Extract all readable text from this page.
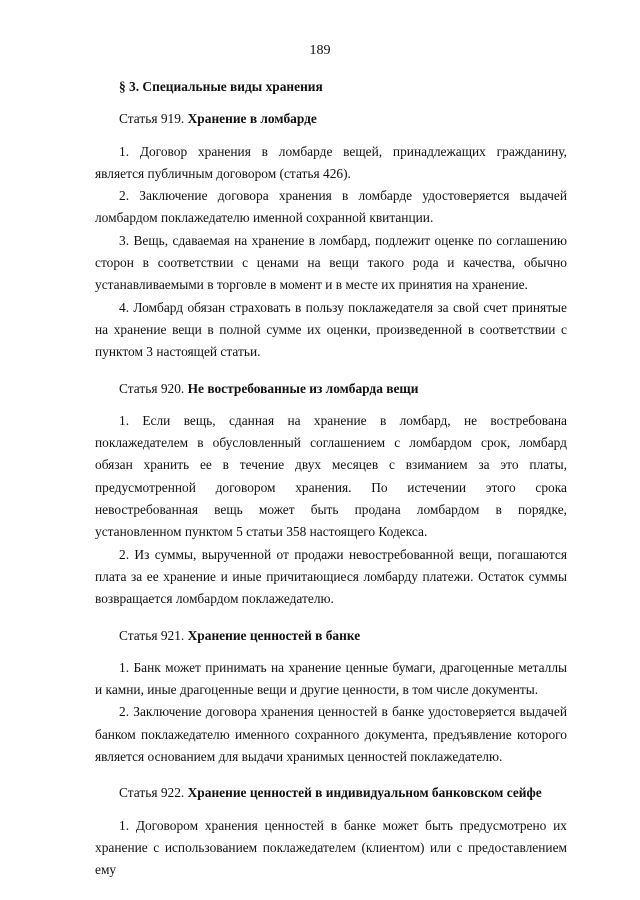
189
§ 3. Специальные виды хранения
Статья 919. Хранение в ломбарде

1. Договор хранения в ломбарде вещей, принадлежащих гражданину, является публичным договором (статья 426).

2. Заключение договора хранения в ломбарде удостоверяется выдачей ломбардом поклажедателю именной сохранной квитанции.

3. Вещь, сдаваемая на хранение в ломбард, подлежит оценке по соглашению сторон в соответствии с ценами на вещи такого рода и качества, обычно устанавливаемыми в торговле в момент и в месте их принятия на хранение.

4. Ломбард обязан страховать в пользу поклажедателя за свой счет принятые на хранение вещи в полной сумме их оценки, произведенной в соответствии с пунктом 3 настоящей статьи.

Статья 920. Не востребованные из ломбарда вещи

1. Если вещь, сданная на хранение в ломбард, не востребована поклажедателем в обусловленный соглашением с ломбардом срок, ломбард обязан хранить ее в течение двух месяцев с взиманием за это платы, предусмотренной договором хранения. По истечении этого срока невостребованная вещь может быть продана ломбардом в порядке, установленном пунктом 5 статьи 358 настоящего Кодекса.

2. Из суммы, вырученной от продажи невостребованной вещи, погашаются плата за ее хранение и иные причитающиеся ломбарду платежи. Остаток суммы возвращается ломбардом поклажедателю.

Статья 921. Хранение ценностей в банке

1. Банк может принимать на хранение ценные бумаги, драгоценные металлы и камни, иные драгоценные вещи и другие ценности, в том числе документы.

2. Заключение договора хранения ценностей в банке удостоверяется выдачей банком поклажедателю именного сохранного документа, предъявление которого является основанием для выдачи хранимых ценностей поклажедателю.

Статья 922. Хранение ценностей в индивидуальном банковском сейфе

1. Договором хранения ценностей в банке может быть предусмотрено их хранение с использованием поклажедателем (клиентом) или с предоставлением ему
